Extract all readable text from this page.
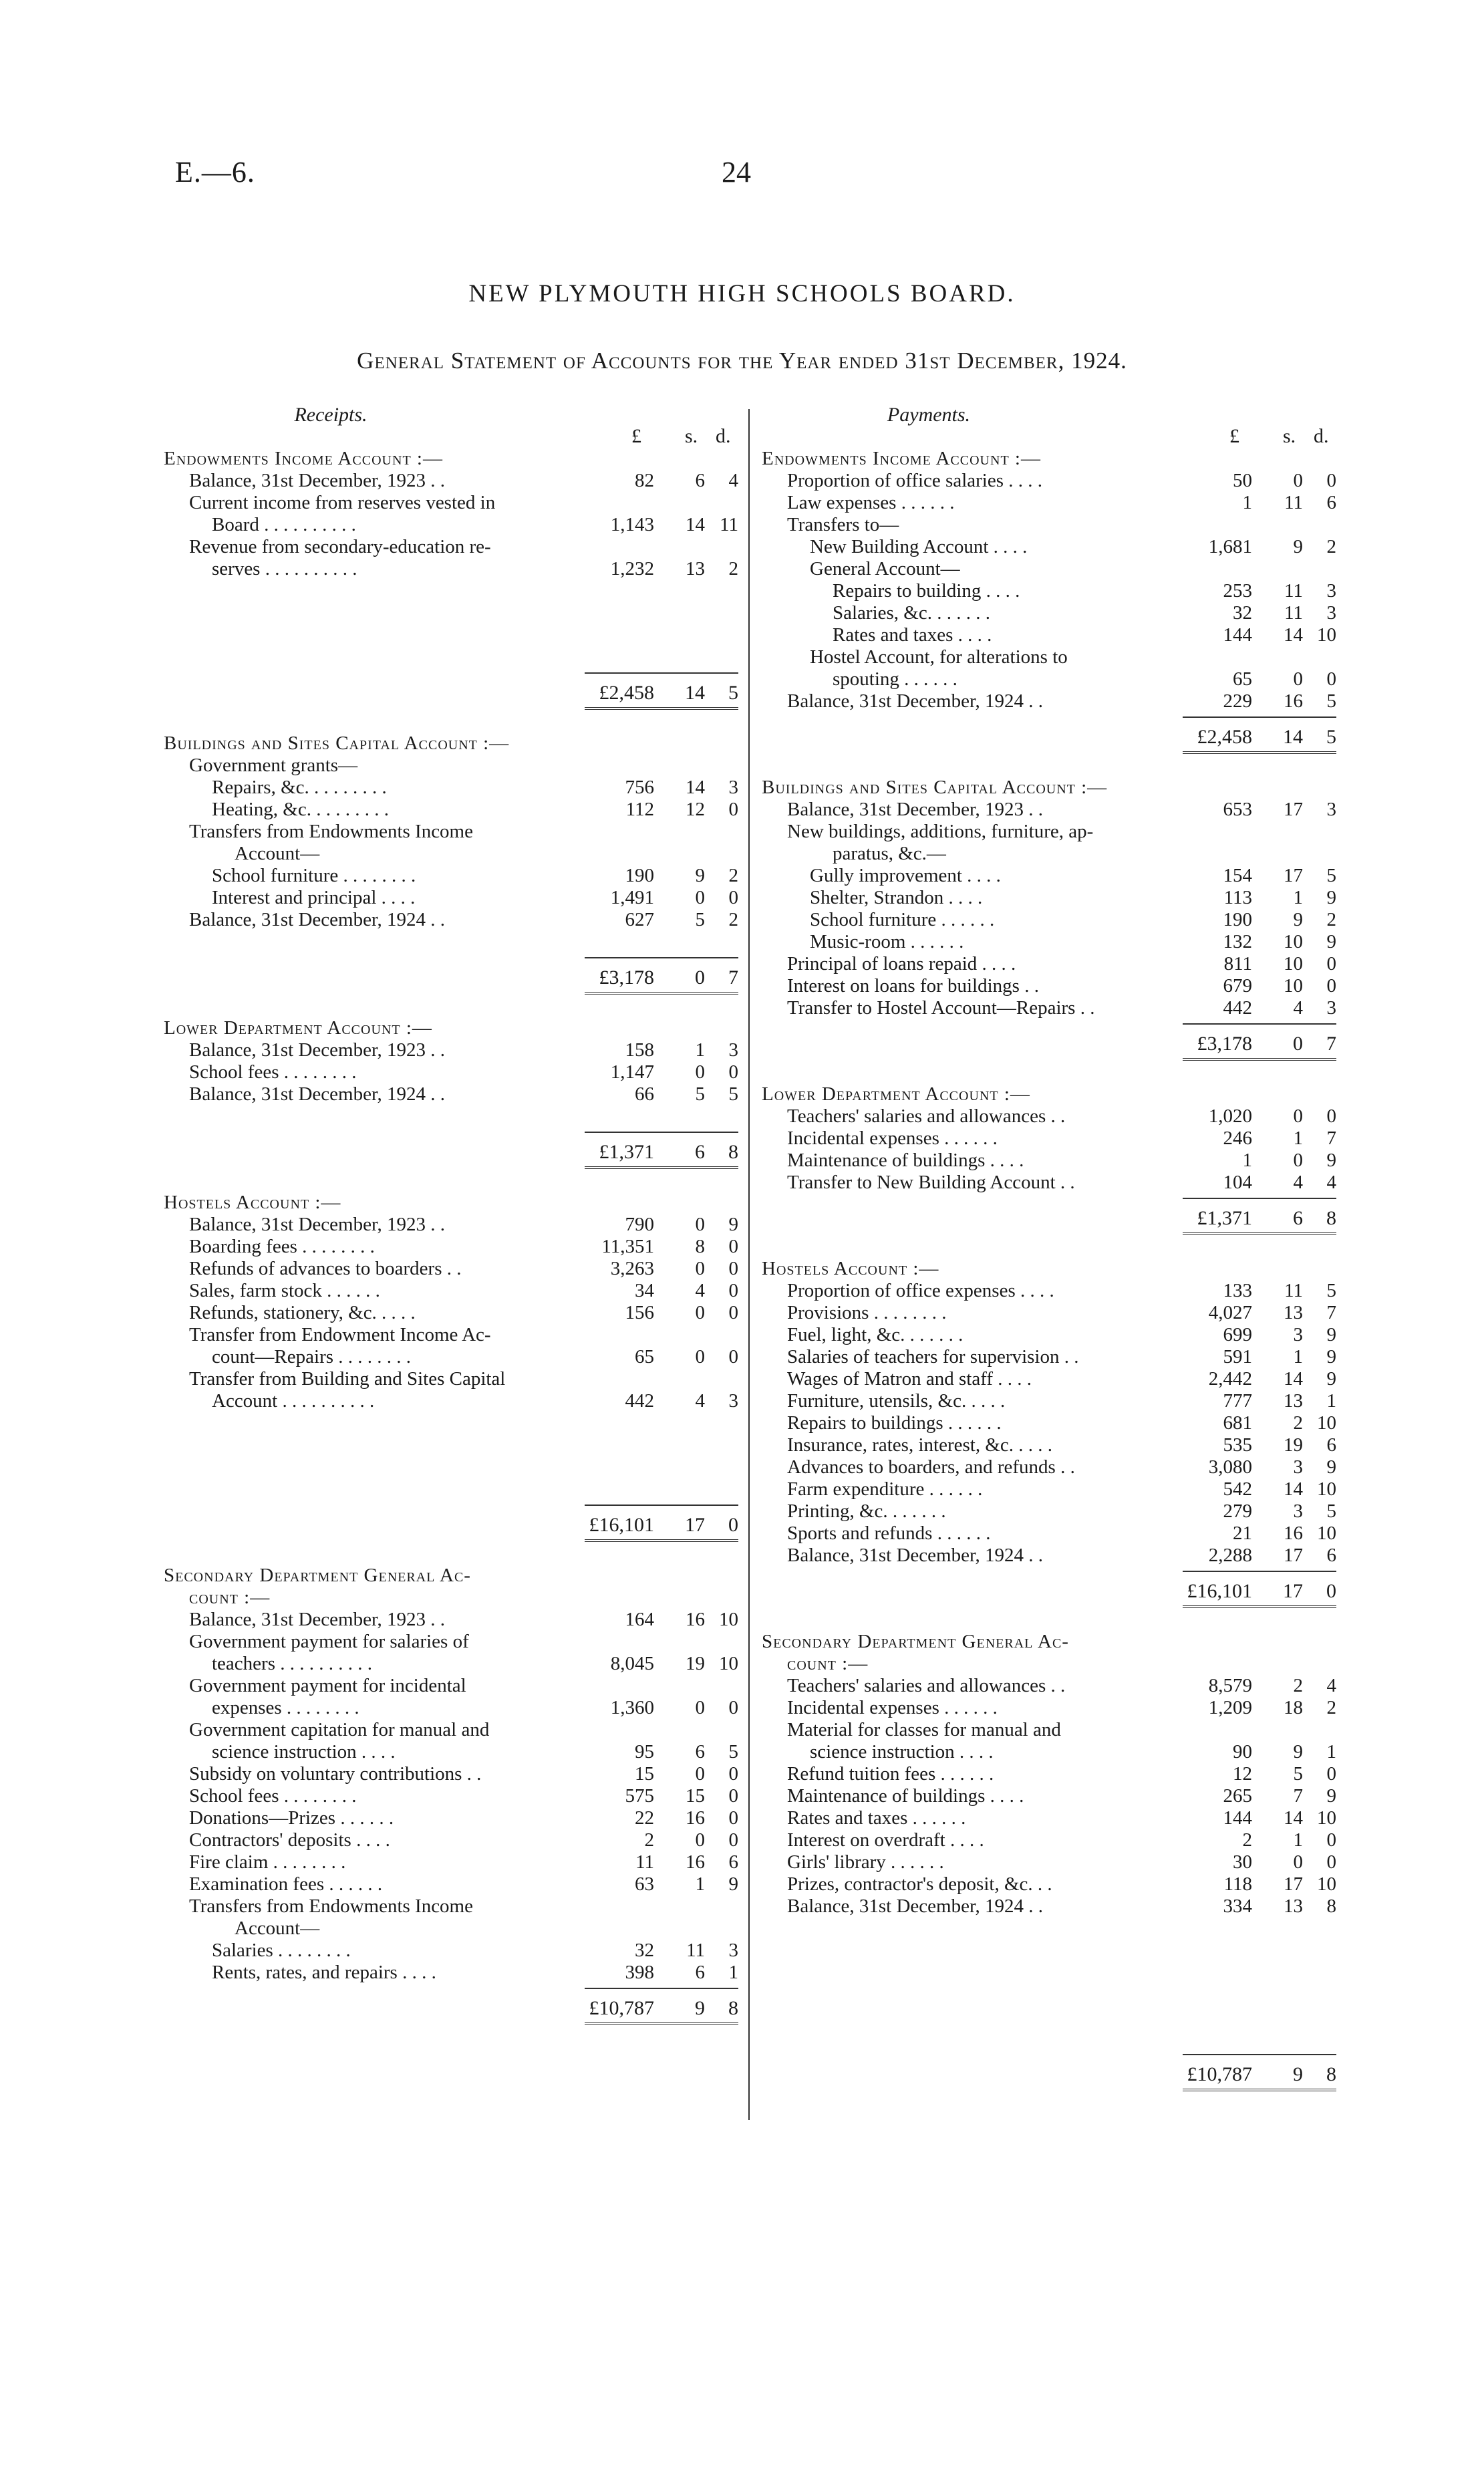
E.—6.	24
NEW PLYMOUTH HIGH SCHOOLS BOARD.
General Statement of Accounts for the Year ended 31st December, 1924.
Receipts.
£ s. d.
Endowments Income Account :—
Balance, 31st December, 1923 . .	82	6	4
Current income from reserves vested in
Board . . . . . . . . . .	1,143	14 11
Revenue from secondary-education re-
serves . . . . . . . . . .	1,232	13	2
£2,458	14	5
Buildings and Sites Capital Account :—
Government grants—
Repairs, &c. . . . . . . . .	756	14	3
Heating, &c. . . . . . . . .	112	12	0
Transfers from Endowments Income
Account—
School furniture . . . . . . . .	190	9	2
Interest and principal . . . .	1,491	0	0
Balance, 31st December, 1924 . .	627	5	2
£3,178	0	7
Lower Department Account :—
Balance, 31st December, 1923 . .	158	1	3
School fees . . . . . . . .	1,147	0	0
Balance, 31st December, 1924 . .	66	5	5
£1,371	6	8
Hostels Account :—
Balance, 31st December, 1923 . .	790	0	9
Boarding fees . . . . . . . .	11,351	8	0
Refunds of advances to boarders . .	3,263	0	0
Sales, farm stock . . . . . .	34	4	0
Refunds, stationery, &c. . . . .	156	0	0
Transfer from Endowment Income Ac-
count—Repairs . . . . . . . .	65	0	0
Transfer from Building and Sites Capital
Account . . . . . . . . . .	442	4	3
£16,101	17	0
Secondary Department General Ac-
count :—
Balance, 31st December, 1923 . .	164	16 10
Government payment for salaries of
teachers . . . . . . . . . .	8,045	19 10
Government payment for incidental
expenses . . . . . . . .	1,360	0	0
Government capitation for manual and
science instruction . . . .	95	6	5
Subsidy on voluntary contributions . .	15	0	0
School fees . . . . . . . .	575	15	0
Donations—Prizes . . . . . .	22	16	0
Contractors' deposits . . . .	2	0	0
Fire claim . . . . . . . .	11	16	6
Examination fees . . . . . .	63	1	9
Transfers from Endowments Income
Account—
Salaries . . . . . . . .	32	11	3
Rents, rates, and repairs . . . .	398	6	1
£10,787	9	8
Payments.
£ s. d.
Endowments Income Account :—
Proportion of office salaries . . . .	50	0	0
Law expenses . . . . . .	1	11	6
Transfers to—
New Building Account . . . .	1,681	9	2
General Account—
Repairs to building . . . .	253	11	3
Salaries, &c. . . . . . .	32	11	3
Rates and taxes . . . .	144	14 10
Hostel Account, for alterations to
spouting . . . . . .	65	0	0
Balance, 31st December, 1924 . .	229	16	5
£2,458	14	5
Buildings and Sites Capital Account :—
Balance, 31st December, 1923 . .	653	17	3
New buildings, additions, furniture, ap-
paratus, &c.—
Gully improvement . . . .	154	17	5
Shelter, Strandon . . . .	113	1	9
School furniture . . . . . .	190	9	2
Music-room . . . . . .	132	10	9
Principal of loans repaid . . . .	811	10	0
Interest on loans for buildings . .	679	10	0
Transfer to Hostel Account—Repairs . .	442	4	3
£3,178	0	7
Lower Department Account :—
Teachers' salaries and allowances . .	1,020	0	0
Incidental expenses . . . . . .	246	1	7
Maintenance of buildings . . . .	1	0	9
Transfer to New Building Account . .	104	4	4
£1,371	6	8
Hostels Account :—
Proportion of office expenses . . . .	133	11	5
Provisions . . . . . . . .	4,027	13	7
Fuel, light, &c. . . . . . .	699	3	9
Salaries of teachers for supervision . .	591	1	9
Wages of Matron and staff . . . .	2,442	14	9
Furniture, utensils, &c. . . . .	777	13	1
Repairs to buildings . . . . . .	681	2 10
Insurance, rates, interest, &c. . . . .	535	19	6
Advances to boarders, and refunds . .	3,080	3	9
Farm expenditure . . . . . .	542	14 10
Printing, &c. . . . . . .	279	3	5
Sports and refunds . . . . . .	21	16 10
Balance, 31st December, 1924 . .	2,288	17	6
£16,101	17	0
Secondary Department General Ac-
count :—
Teachers' salaries and allowances . .	8,579	2	4
Incidental expenses . . . . . .	1,209	18	2
Material for classes for manual and
science instruction . . . .	90	9	1
Refund tuition fees . . . . . .	12	5	0
Maintenance of buildings . . . .	265	7	9
Rates and taxes . . . . . .	144	14 10
Interest on overdraft . . . .	2	1	0
Girls' library . . . . . .	30	0	0
Prizes, contractor's deposit, &c. . .	118	17 10
Balance, 31st December, 1924 . .	334	13	8
£10,787	9	8
